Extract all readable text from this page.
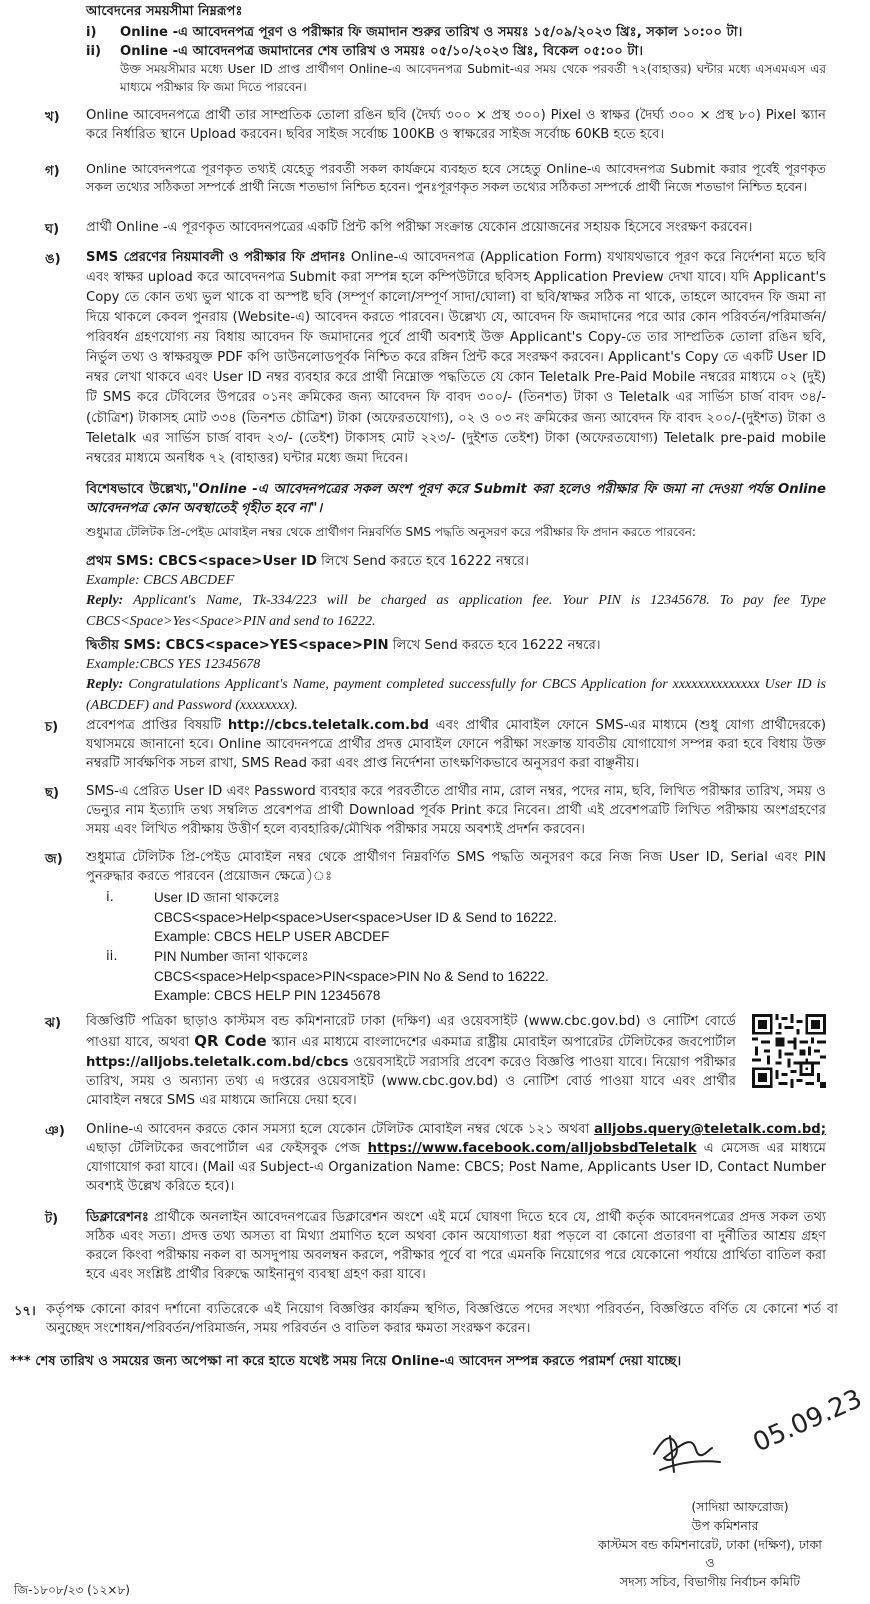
আবেদনের সময়সীমা নিম্নরূপঃ

i)	Online -এ আবেদনপত্র পূরণ ও পরীক্ষার ফি জমাদান শুরুর তারিখ ও সময়ঃ ১৫/০৯/২০২৩ খ্রিঃ, সকাল ১০:০০ টা।
ii)	Online -এ আবেদনপত্র জমাদানের শেষ তারিখ ও সময়ঃ ০৫/১০/২০২৩ খ্রিঃ, বিকেল ০৫:০০ টা।

উক্ত সময়সীমার মধ্যে User ID প্রাপ্ত প্রার্থীগণ Online-এ আবেদনপত্র Submit-এর সময় থেকে পরবর্তী ৭২(বাহাত্তর) ঘন্টার মধ্যে এসএমএস এর মাধ্যমে পরীক্ষার ফি জমা দিতে পারবেন।

খ) Online আবেদনপত্রে প্রার্থী তার সাম্প্রতিক তোলা রঙিন ছবি (দৈর্ঘ্য ৩০০ × প্রস্থ ৩০০) Pixel ও স্বাক্ষর (দৈর্ঘ্য ৩০০ × প্রস্থ ৮০) Pixel স্ক্যান করে নির্ধারিত স্থানে Upload করবেন। ছবির সাইজ সর্বোচ্চ 100KB ও স্বাক্ষরের সাইজ সর্বোচ্চ 60KB হতে হবে।

গ) Online আবেদনপত্রে পূরণকৃত তথ্যই যেহেতু পরবর্তী সকল কার্যক্রমে ব্যবহৃত হবে সেহেতু Online-এ আবেদনপত্র Submit করার পূর্বেই পূরণকৃত সকল তথ্যের সঠিকতা সম্পর্কে প্রার্থী নিজে শতভাগ নিশ্চিত হবেন। পুনঃপূরণকৃত সকল তথ্যের সঠিকতা সম্পর্কে প্রার্থী নিজে শতভাগ নিশ্চিত হবেন।

ঘ) প্রার্থী Online -এ পূরণকৃত আবেদনপত্রের একটি প্রিন্ট কপি পরীক্ষা সংক্রান্ত যেকোন প্রয়োজনের সহায়ক হিসেবে সংরক্ষণ করবেন।

ঙ) SMS প্রেরণের নিয়মাবলী ও পরীক্ষার ফি প্রদানঃ Online-এ আবেদনপত্র (Application Form) যথাযথভাবে পূরণ করে নির্দেশনা মতে ছবি এবং স্বাক্ষর upload করে আবেদনপত্র Submit করা সম্পন্ন হলে কম্পিউটারে ছবিসহ Application Preview দেখা যাবে। যদি Applicant's Copy তে কোন তথ্য ভুল থাকে বা অস্পষ্ট ছবি (সম্পূর্ণ কালো/সম্পূর্ণ সাদা/ঘোলা) বা ছবি/স্বাক্ষর সঠিক না থাকে, তাহলে আবেদন ফি জমা না দিয়ে থাকলে কেবল পুনরায় (Website-এ) আবেদন করতে পারবেন। উল্লেখ্য যে, আবেদন ফি জমাদানের পরে আর কোন পরিবর্তন/পরিমার্জন/পরিবর্ধন গ্রহণযোগ্য নয় বিধায় আবেদন ফি জমাদানের পূর্বে প্রার্থী অবশ্যই উক্ত Applicant's Copy-তে তার সাম্প্রতিক তোলা রঙিন ছবি, নির্ভুল তথ্য ও স্বাক্ষরযুক্ত PDF কপি ডাউনলোডপূর্বক নিশ্চিত করে রঙ্গিন প্রিন্ট করে সংরক্ষণ করবেন। Applicant's Copy তে একটি User ID নম্বর লেখা থাকবে এবং User ID নম্বর ব্যবহার করে প্রার্থী নিম্নোক্ত পদ্ধতিতে যে কোন Teletalk Pre-Paid Mobile নম্বরের মাধ্যমে ০২ (দুই) টি SMS করে টেবিলের উপরের ০১নং ক্রমিকের জন্য আবেদন ফি বাবদ ৩০০/- (তিনশত) টাকা ও Teletalk এর সার্ভিস চার্জ বাবদ ৩৪/- (চৌত্রিশ) টাকাসহ মোট ৩৩৪ (তিনশত চৌত্রিশ) টাকা (অফেরতযোগ্য), ০২ ও ০৩ নং ক্রমিকের জন্য আবেদন ফি বাবদ ২০০/-(দুইশত) টাকা ও Teletalk এর সার্ভিস চার্জ বাবদ ২৩/- (তেইশ) টাকাসহ মোট ২২৩/- (দুইশত তেইশ) টাকা (অফেরতযোগ্য) Teletalk pre-paid mobile নম্বরের মাধ্যমে অনধিক ৭২ (বাহাত্তর) ঘন্টার মধ্যে জমা দিবেন।

বিশেষভাবে উল্লেখ্য,"Online -এ আবেদনপত্রের সকল অংশ পূরণ করে Submit করা হলেও পরীক্ষার ফি জমা না দেওয়া পর্যন্ত Online আবেদনপত্র কোন অবস্থাতেই গৃহীত হবে না"।

শুধুমাত্র টেলিটক প্রি-পেইড মোবাইল নম্বর থেকে প্রার্থীগণ নিম্নবর্ণিত SMS পদ্ধতি অনুসরণ করে পরীক্ষার ফি প্রদান করতে পারবেন:

প্রথম SMS: CBCS<space>User ID লিখে Send করতে হবে 16222 নম্বরে।

Example: CBCS ABCDEF

Reply: Applicant's Name, Tk-334/223 will be charged as application fee. Your PIN is 12345678. To pay fee Type CBCS<Space>Yes<Space>PIN and send to 16222.

দ্বিতীয় SMS: CBCS<space>YES<space>PIN লিখে Send করতে হবে 16222 নম্বরে।

Example:CBCS YES 12345678

Reply: Congratulations Applicant's Name, payment completed successfully for CBCS Application for xxxxxxxxxxxxxx User ID is (ABCDEF) and Password (xxxxxxxx).

চ) প্রবেশপত্র প্রাপ্তির বিষয়টি http://cbcs.teletalk.com.bd এবং প্রার্থীর মোবাইল ফোনে SMS-এর মাধ্যমে (শুধু যোগ্য প্রার্থীদেরকে) যথাসময়ে জানানো হবে। Online আবেদনপত্রে প্রার্থীর প্রদত্ত মোবাইল ফোনে পরীক্ষা সংক্রান্ত যাবতীয় যোগাযোগ সম্পন্ন করা হবে বিধায় উক্ত নম্বরটি সার্বক্ষণিক সচল রাখা, SMS Read করা এবং প্রাপ্ত নির্দেশনা তাৎক্ষণিকভাবে অনুসরণ করা বাঞ্ছনীয়।

ছ) SMS-এ প্রেরিত User ID এবং Password ব্যবহার করে পরবর্তীতে প্রার্থীর নাম, রোল নম্বর, পদের নাম, ছবি, লিখিত পরীক্ষার তারিখ, সময় ও ভেন্যুর নাম ইত্যাদি তথ্য সম্বলিত প্রবেশপত্র প্রার্থী Download পূর্বক Print করে নিবেন। প্রার্থী এই প্রবেশপত্রটি লিখিত পরীক্ষায় অংশগ্রহণের সময় এবং লিখিত পরীক্ষায় উত্তীর্ণ হলে ব্যবহারিক/মৌখিক পরীক্ষার সময়ে অবশ্যই প্রদর্শন করবেন।

জ) শুধুমাত্র টেলিটক প্রি-পেইড মোবাইল নম্বর থেকে প্রার্থীগণ নিম্নবর্ণিত SMS পদ্ধতি অনুসরণ করে নিজ নিজ User ID, Serial এবং PIN পুনরুদ্ধার করতে পারবেন (প্রয়োজন ক্ষেত্রে)ঃ

i.	User ID জানা থাকলেঃ

CBCS<space>Help<space>User<space>User ID & Send to 16222.

Example: CBCS HELP USER ABCDEF

ii.	PIN Number জানা থাকলেঃ

CBCS<space>Help<space>PIN<space>PIN No & Send to 16222.

Example: CBCS HELP PIN 12345678

ঝ) বিজ্ঞপ্তিটি পত্রিকা ছাড়াও কাস্টমস বন্ড কমিশনারেট ঢাকা (দক্ষিণ) এর ওয়েবসাইট (www.cbc.gov.bd) ও নোটিশ বোর্ডে পাওয়া যাবে, অথবা QR Code স্ক্যান এর মাধ্যমে বাংলাদেশের একমাত্র রাষ্ট্রীয় মোবাইল অপারেটর টেলিটকের জবপোর্টাল https://alljobs.teletalk.com.bd/cbcs ওয়েবসাইটে সরাসরি প্রবেশ করেও বিজ্ঞপ্তি পাওয়া যাবে। নিয়োগ পরীক্ষার তারিখ, সময় ও অন্যান্য তথ্য এ দপ্তরের ওয়েবসাইট (www.cbc.gov.bd) ও নোটিশ বোর্ড পাওয়া যাবে এবং প্রার্থীর মোবাইল নম্বরে SMS এর মাধ্যমে জানিয়ে দেয়া হবে।

ঞ) Online-এ আবেদন করতে কোন সমস্যা হলে যেকোন টেলিটক মোবাইল নম্বর থেকে ১২১ অথবা alljobs.query@teletalk.com.bd; এছাড়া টেলিটকের জবপোর্টাল এর ফেইসবুক পেজ https://www.facebook.com/alljobsbdTeletalk এ মেসেজ এর মাধ্যমে যোগাযোগ করা যাবে। (Mail এর Subject-এ Organization Name: CBCS; Post Name, Applicants User ID, Contact Number অবশ্যই উল্লেখ করিতে হবে)।

ট) ডিক্লারেশনঃ প্রার্থীকে অনলাইন আবেদনপত্রের ডিক্লারেশন অংশে এই মর্মে ঘোষণা দিতে হবে যে, প্রার্থী কর্তৃক আবেদনপত্রের প্রদত্ত সকল তথ্য সঠিক এবং সত্য। প্রদত্ত তথ্য অসত্য বা মিথ্যা প্রমাণিত হলে অথবা কোন অযোগ্যতা ধরা পড়লে বা কোনো প্রতারণা বা দুর্নীতির আশ্রয় গ্রহণ করলে কিংবা পরীক্ষায় নকল বা অসদুপায় অবলম্বন করলে, পরীক্ষার পূর্বে বা পরে এমনকি নিয়োগের পরে যেকোনো পর্যায়ে প্রার্থিতা বাতিল করা হবে এবং সংশ্লিষ্ট প্রার্থীর বিরুদ্ধে আইনানুগ ব্যবস্থা গ্রহণ করা যাবে।

১৭। কর্তৃপক্ষ কোনো কারণ দর্শানো ব্যতিরেকে এই নিয়োগ বিজ্ঞপ্তির কার্যক্রম স্থগিত, বিজ্ঞপ্তিতে পদের সংখ্যা পরিবর্তন, বিজ্ঞপ্তিতে বর্ণিত যে কোনো শর্ত বা অনুচ্ছেদ সংশোধন/পরিবর্তন/পরিমার্জন, সময় পরিবর্তন ও বাতিল করার ক্ষমতা সংরক্ষণ করেন।

*** শেষ তারিখ ও সময়ের জন্য অপেক্ষা না করে হাতে যথেষ্ট সময় নিয়ে Online-এ আবেদন সম্পন্ন করতে পরামর্শ দেয়া যাচ্ছে।

05.09.23

(সাদিয়া আফরোজ)

উপ কমিশনার

কাস্টমস বন্ড কমিশনারেট, ঢাকা (দক্ষিণ), ঢাকা

ও

সদস্য সচিব, বিভাগীয় নির্বাচন কমিটি

জি-১৮০৮/২৩ (১২×৮)
